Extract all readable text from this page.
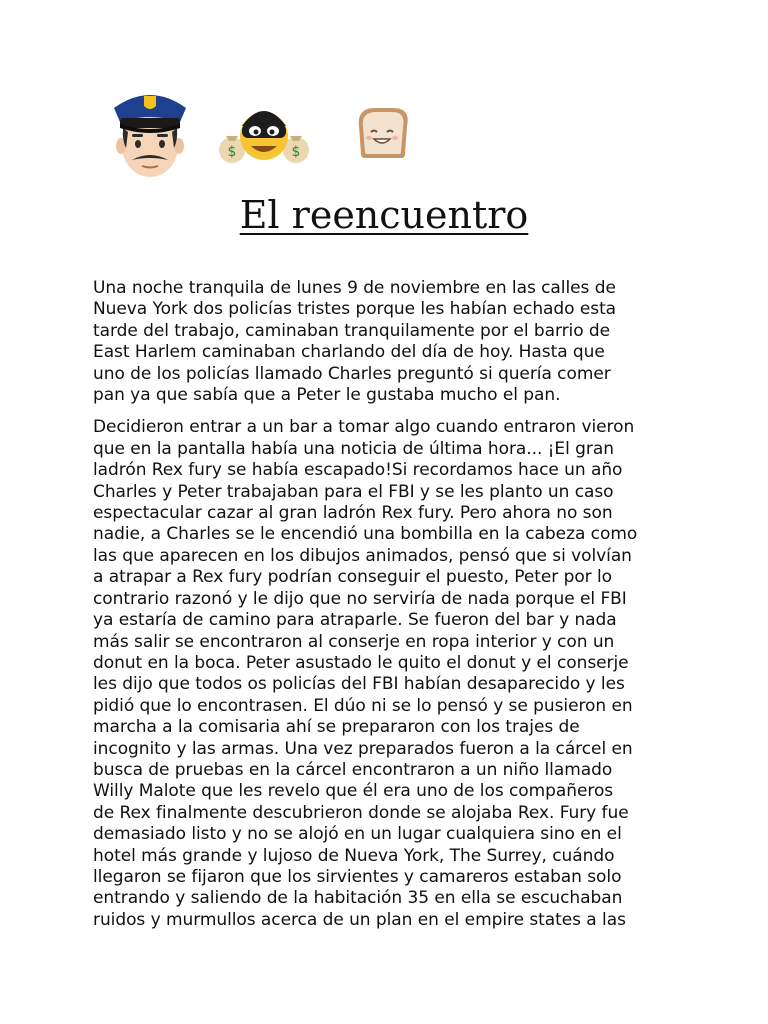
$	$
El reencuentro

Una noche tranquila de lunes 9 de noviembre en las calles de
Nueva York dos policías tristes porque les habían echado esta
tarde del trabajo, caminaban tranquilamente por el barrio de
East Harlem caminaban charlando del día de hoy. Hasta que
uno de los policías llamado Charles preguntó si quería comer
pan ya que sabía que a Peter le gustaba mucho el pan.

Decidieron entrar a un bar a tomar algo cuando entraron vieron
que en la pantalla había una noticia de última hora... ¡El gran
ladrón Rex fury se había escapado!Si recordamos hace un año
Charles y Peter trabajaban para el FBI y se les planto un caso
espectacular cazar al gran ladrón Rex fury. Pero ahora no son
nadie, a Charles se le encendió una bombilla en la cabeza como
las que aparecen en los dibujos animados, pensó que si volvían
a atrapar a Rex fury podrían conseguir el puesto, Peter por lo
contrario razonó y le dijo que no serviría de nada porque el FBI
ya estaría de camino para atraparle. Se fueron del bar y nada
más salir se encontraron al conserje en ropa interior y con un
donut en la boca. Peter asustado le quito el donut y el conserje
les dijo que todos os policías del FBI habían desaparecido y les
pidió que lo encontrasen. El dúo ni se lo pensó y se pusieron en
marcha a la comisaria ahí se prepararon con los trajes de
incognito y las armas. Una vez preparados fueron a la cárcel en
busca de pruebas en la cárcel encontraron a un niño llamado
Willy Malote que les revelo que él era uno de los compañeros
de Rex finalmente descubrieron donde se alojaba Rex. Fury fue
demasiado listo y no se alojó en un lugar cualquiera sino en el
hotel más grande y lujoso de Nueva York, The Surrey, cuándo
llegaron se fijaron que los sirvientes y camareros estaban solo
entrando y saliendo de la habitación 35 en ella se escuchaban
ruidos y murmullos acerca de un plan en el empire states a las
